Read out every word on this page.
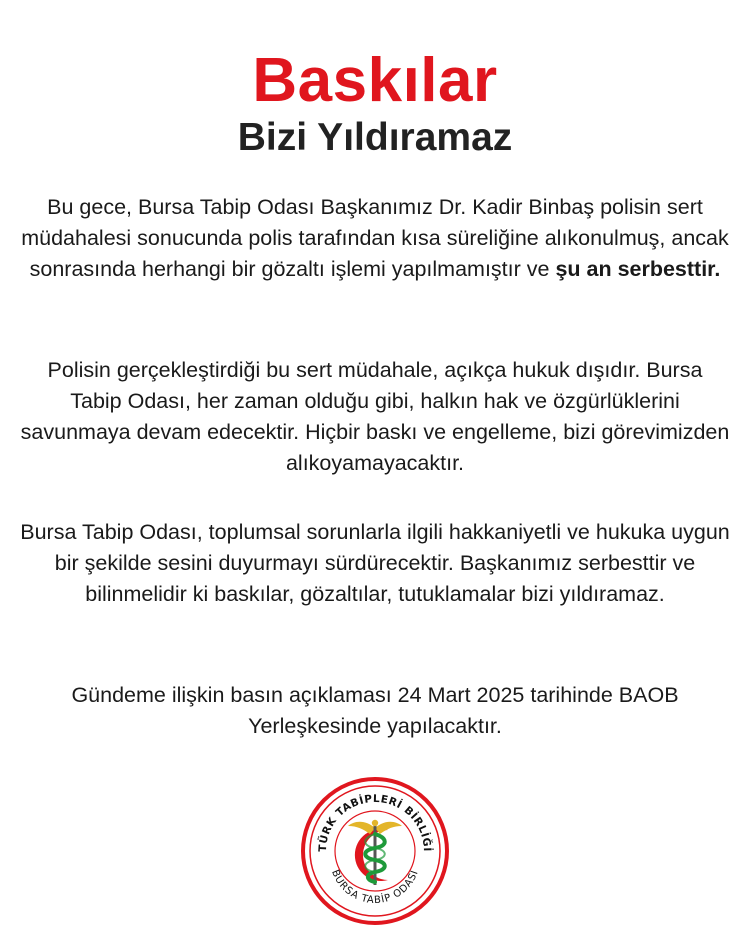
Baskılar
Bizi Yıldıramaz
Bu gece, Bursa Tabip Odası Başkanımız Dr. Kadir Binbaş polisin sert müdahalesi sonucunda polis tarafından kısa süreliğine alıkonulmuş, ancak sonrasında herhangi bir gözaltı işlemi yapılmamıştır ve şu an serbesttir.
Polisin gerçekleştirdiği bu sert müdahale, açıkça hukuk dışıdır. Bursa Tabip Odası, her zaman olduğu gibi, halkın hak ve özgürlüklerini savunmaya devam edecektir. Hiçbir baskı ve engelleme, bizi görevimizden alıkoyamayacaktır.
Bursa Tabip Odası, toplumsal sorunlarla ilgili hakkaniyetli ve hukuka uygun bir şekilde sesini duyurmayı sürdürecektir. Başkanımız serbesttir ve bilinmelidir ki baskılar, gözaltılar, tutuklamalar bizi yıldıramaz.
Gündeme ilişkin basın açıklaması 24 Mart 2025 tarihinde BAOB Yerleşkesinde yapılacaktır.
TÜRK TABİPLERİ BİRLİĞİ
BURSA TABİP ODASI
